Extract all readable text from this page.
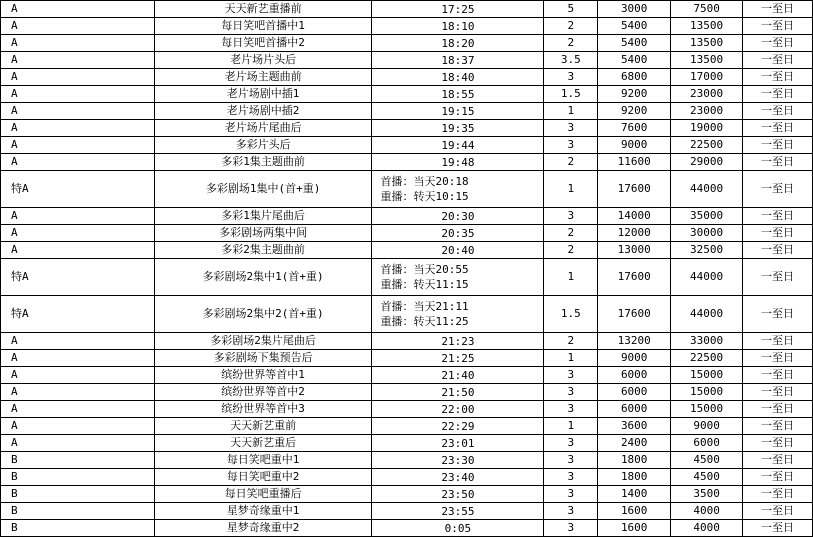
A	天天新艺重播前	17:25	5	3000	7500	一至日
A	每日笑吧首播中1	18:10	2	5400	13500	一至日
A	每日笑吧首播中2	18:20	2	5400	13500	一至日
A	老片场片头后	18:37	3.5	5400	13500	一至日
A	老片场主题曲前	18:40	3	6800	17000	一至日
A	老片场剧中插1	18:55	1.5	9200	23000	一至日
A	老片场剧中插2	19:15	1	9200	23000	一至日
A	老片场片尾曲后	19:35	3	7600	19000	一至日
A	多彩片头后	19:44	3	9000	22500	一至日
A	多彩1集主题曲前	19:48	2	11600	29000	一至日
特A	多彩剧场1集中(首+重)	首播：当天20:18
重播：转天10:15	1	17600	44000	一至日
A	多彩1集片尾曲后	20:30	3	14000	35000	一至日
A	多彩剧场两集中间	20:35	2	12000	30000	一至日
A	多彩2集主题曲前	20:40	2	13000	32500	一至日
特A	多彩剧场2集中1(首+重)	首播：当天20:55
重播：转天11:15	1	17600	44000	一至日
特A	多彩剧场2集中2(首+重)	首播：当天21:11
重播：转天11:25	1.5	17600	44000	一至日
A	多彩剧场2集片尾曲后	21:23	2	13200	33000	一至日
A	多彩剧场下集预告后	21:25	1	9000	22500	一至日
A	缤纷世界等首中1	21:40	3	6000	15000	一至日
A	缤纷世界等首中2	21:50	3	6000	15000	一至日
A	缤纷世界等首中3	22:00	3	6000	15000	一至日
A	天天新艺重前	22:29	1	3600	9000	一至日
A	天天新艺重后	23:01	3	2400	6000	一至日
B	每日笑吧重中1	23:30	3	1800	4500	一至日
B	每日笑吧重中2	23:40	3	1800	4500	一至日
B	每日笑吧重播后	23:50	3	1400	3500	一至日
B	星梦奇缘重中1	23:55	3	1600	4000	一至日
B	星梦奇缘重中2	0:05	3	1600	4000	一至日
